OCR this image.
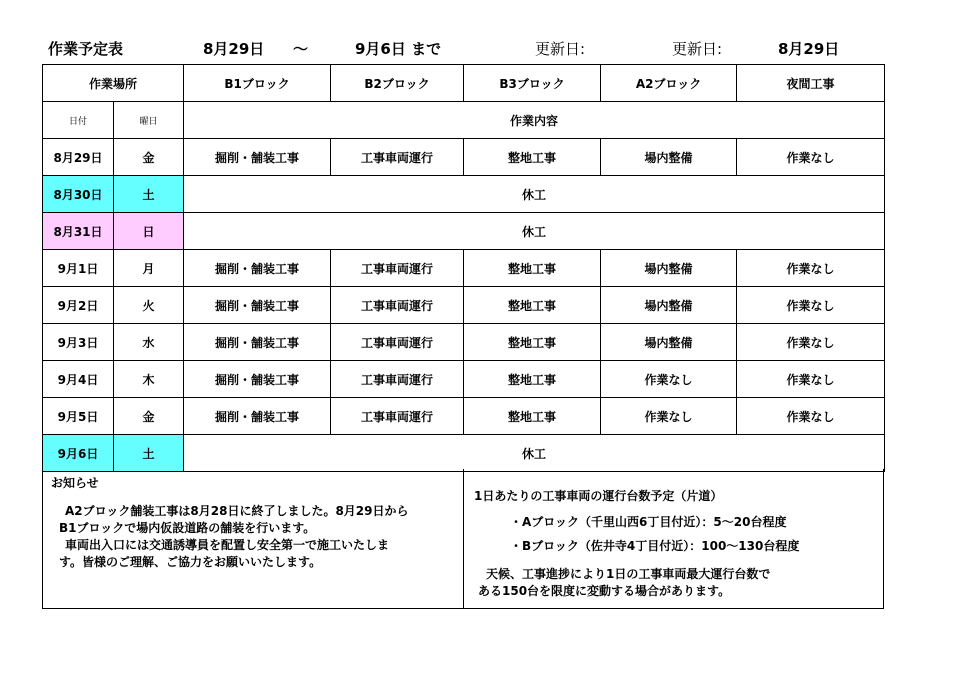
作業予定表	8月29日 ～	9月6日 まで	更新日:	更新日:	8月29日
作業場所		B1ブロック	B2ブロック	B3ブロック	A2ブロック	夜間工事
日付	曜日	作業内容				
8月29日	金	掘削・舗装工事	工事車両運行	整地工事	場内整備	作業なし
8月30日	土	休工				
8月31日	日	休工				
9月1日	月	掘削・舗装工事	工事車両運行	整地工事	場内整備	作業なし
9月2日	火	掘削・舗装工事	工事車両運行	整地工事	場内整備	作業なし
9月3日	水	掘削・舗装工事	工事車両運行	整地工事	場内整備	作業なし
9月4日	木	掘削・舗装工事	工事車両運行	整地工事	作業なし	作業なし
9月5日	金	掘削・舗装工事	工事車両運行	整地工事	作業なし	作業なし
9月6日	土	休工				
お知らせ
A2ブロック舗装工事は8月28日に終了しました。8月29日から
B1ブロックで場内仮設道路の舗装を行います。
車両出入口には交通誘導員を配置し安全第一で施工いたしま
す。皆様のご理解、ご協力をお願いいたします。
1日あたりの工事車両の運行台数予定（片道）
・Aブロック（千里山西6丁目付近）：5～20台程度
・Bブロック（佐井寺4丁目付近）：100～130台程度
天候、工事進捗により1日の工事車両最大運行台数で
ある150台を限度に変動する場合があります。
